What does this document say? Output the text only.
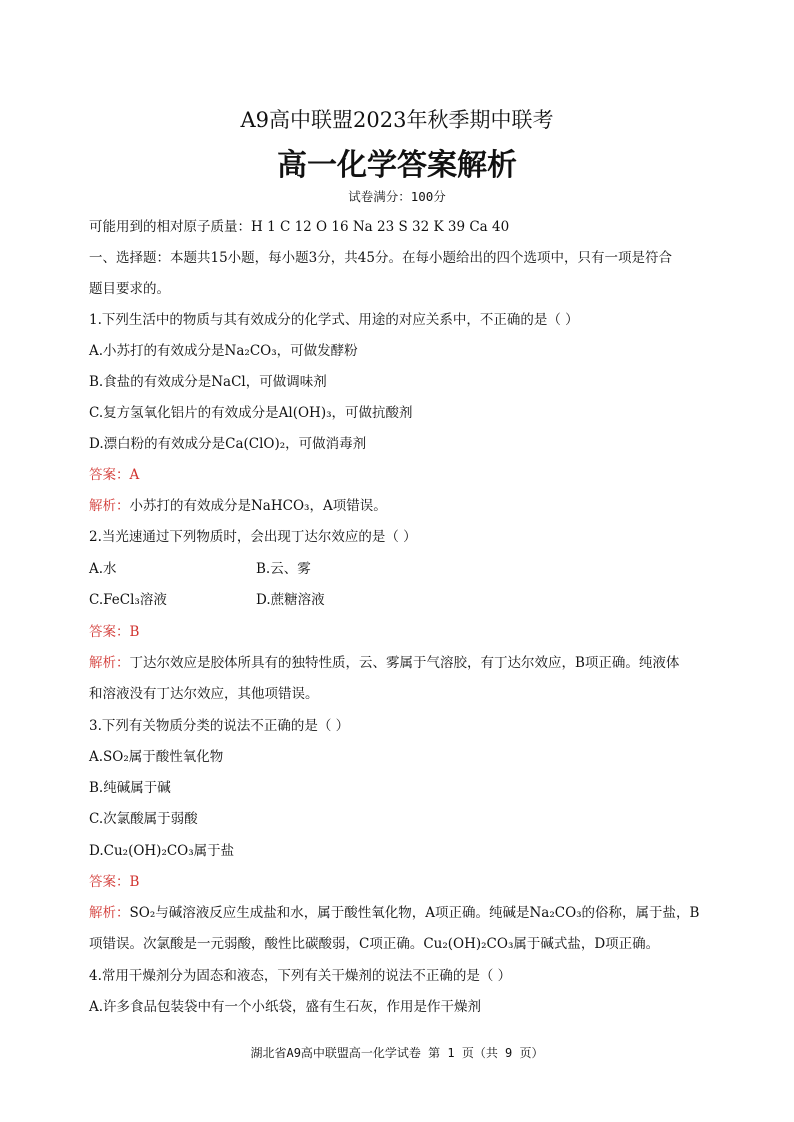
A9高中联盟2023年秋季期中联考
高一化学答案解析
试卷满分：100分
可能用到的相对原子质量：H 1 C 12 O 16 Na 23 S 32 K 39 Ca 40
一、选择题：本题共15小题，每小题3分，共45分。在每小题给出的四个选项中，只有一项是符合
题目要求的。
1.下列生活中的物质与其有效成分的化学式、用途的对应关系中，不正确的是（ ）
A.小苏打的有效成分是Na₂CO₃，可做发酵粉
B.食盐的有效成分是NaCl，可做调味剂
C.复方氢氧化铝片的有效成分是Al(OH)₃，可做抗酸剂
D.漂白粉的有效成分是Ca(ClO)₂，可做消毒剂
答案：A
解析：小苏打的有效成分是NaHCO₃，A项错误。
2.当光速通过下列物质时，会出现丁达尔效应的是（ ）
A.水	B.云、雾
C.FeCl₃溶液	D.蔗糖溶液
答案：B
解析：丁达尔效应是胶体所具有的独特性质，云、雾属于气溶胶，有丁达尔效应，B项正确。纯液体
和溶液没有丁达尔效应，其他项错误。
3.下列有关物质分类的说法不正确的是（ ）
A.SO₂属于酸性氧化物
B.纯碱属于碱
C.次氯酸属于弱酸
D.Cu₂(OH)₂CO₃属于盐
答案：B
解析：SO₂与碱溶液反应生成盐和水，属于酸性氧化物，A项正确。纯碱是Na₂CO₃的俗称，属于盐，B
项错误。次氯酸是一元弱酸，酸性比碳酸弱，C项正确。Cu₂(OH)₂CO₃属于碱式盐，D项正确。
4.常用干燥剂分为固态和液态，下列有关干燥剂的说法不正确的是（ ）
A.许多食品包装袋中有一个小纸袋，盛有生石灰，作用是作干燥剂
湖北省A9高中联盟高一化学试卷 第 1 页（共 9 页）
